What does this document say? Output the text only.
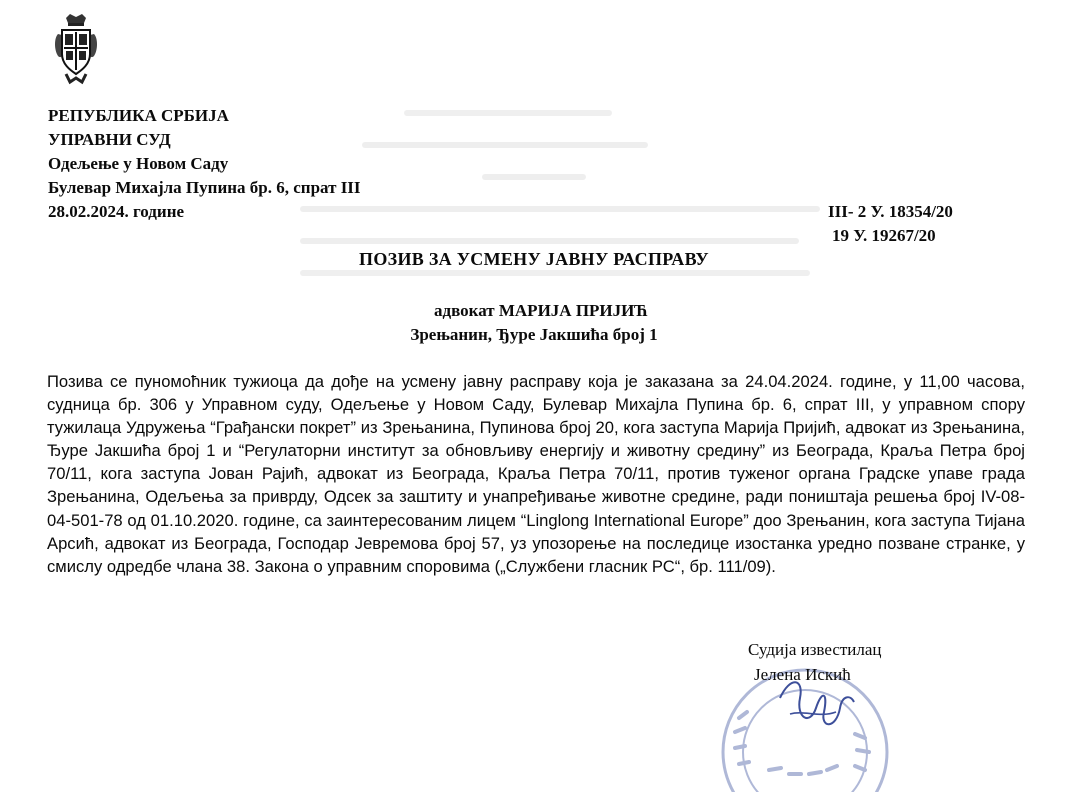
РЕПУБЛИКА СРБИЈА
УПРАВНИ СУД
Одељење у Новом Саду
Булевар Михајла Пупина бр. 6, спрат III
28.02.2024. године	III- 2 У. 18354/20
19 У. 19267/20
ПОЗИВ ЗА УСМЕНУ ЈАВНУ РАСПРАВУ
адвокат МАРИЈА ПРИЈИЋ
Зрењанин, Ђуре Јакшића број 1
Позива се пуномоћник тужиоца да дође на усмену јавну расправу која је заказана за 24.04.2024. године, у 11,00 часова, судница бр. 306 у Управном суду, Одељење у Новом Саду, Булевар Михајла Пупина бр. 6, спрат III, у управном спору тужилаца Удружења “Грађански покрет” из Зрењанина, Пупинова број 20, кога заступа Марија Пријић, адвокат из Зрењанина, Ђуре Јакшића број 1 и “Регулаторни институт за обновљиву енергију и животну средину” из Београда, Краља Петра број 70/11, кога заступа Јован Рајић, адвокат из Београда, Краља Петра 70/11, против туженог органа Градске упаве града Зрењанина, Одељења за приврду, Одсек за заштиту и унапређивање животне средине, ради поништаја решења број IV-08-04-501-78 од 01.10.2020. године, са заинтересованим лицем “Linglong International Europe” доо Зрењанин, кога заступа Тијана Арсић, адвокат из Београда, Господар Јевремова број 57, уз упозорење на последице изостанка уредно позване странке, у смислу одредбе члана 38. Закона о управним споровима („Службени гласник РС“, бр. 111/09).
Судија известилац
Јелена Искић
